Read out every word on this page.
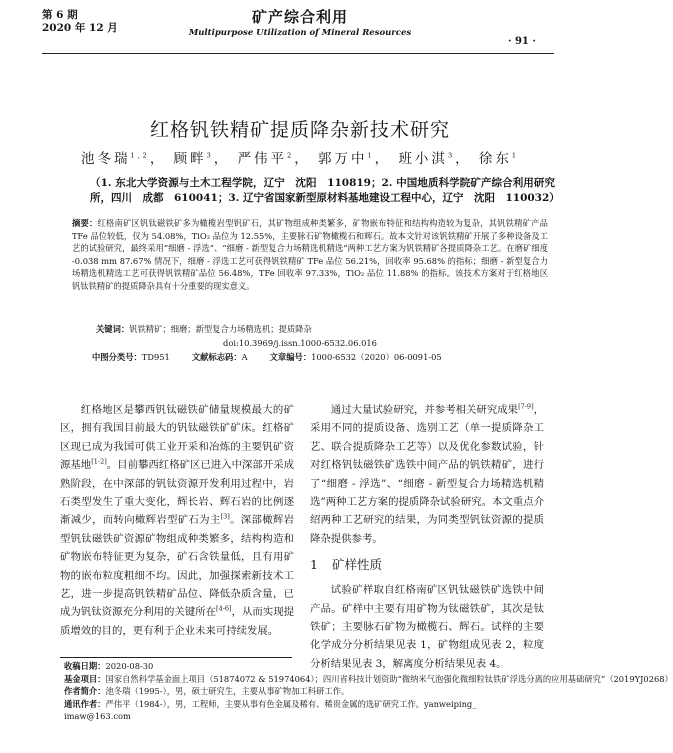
第 6 期
2020 年 12 月
矿产综合利用
Multipurpose Utilization of Mineral Resources
· 91 ·
红格钒铁精矿提质降杂新技术研究
池冬瑞$^{1,2}$， 顾畔$^3$， 严伟平$^2$， 郭万中$^1$， 班小淇$^3$， 徐东$^1$
（1. 东北大学资源与土木工程学院，辽宁　沈阳　110819；2. 中国地质科学院矿产综合利用研究所，四川　成都　610041；3. 辽宁省国家新型原材料基地建设工程中心，辽宁　沈阳　110032）
摘要：红格南矿区钒钛磁铁矿多为橄榄岩型钒矿石，其矿物组成种类繁多，矿物嵌布特征和结构构造较为复杂，其钒铁精矿产品 TFe 品位较低，仅为 54.08%，TiO₂ 品位为 12.55%，主要脉石矿物橄榄石和辉石。故本文针对该钒铁精矿开展了多种设备及工艺的试验研究，最终采用“细磨 - 浮选”、“细磨 - 新型复合力场精选机精选”两种工艺方案为钒铁精矿各提质降杂工艺。在磨矿细度 -0.038 mm 87.67% 情况下，细磨 - 浮选工艺可获得钒铁精矿 TFe 品位 56.21%，回收率 95.68% 的指标；细磨 - 新型复合力场精选机精选工艺可获得钒铁精矿品位 56.48%，TFe 回收率 97.33%，TiO₂ 品位 11.88% 的指标。该技术方案对于红格地区钒钛铁精矿的提质降杂具有十分重要的现实意义。
关键词：钒铁精矿；细磨；新型复合力场精选机；提质降杂
doi:10.3969/j.issn.1000-6532.06.016
中图分类号：TD951	文献标志码：A	文章编号：1000-6532（2020）06-0091-05

红格地区是攀西钒钛磁铁矿储量规模最大的矿区，拥有我国目前最大的钒钛磁铁矿矿床。红格矿区现已成为我国可供工业开采和冶炼的主要钒矿资源基地[1-2]。目前攀西红格矿区已进入中深部开采成熟阶段，在中深部的钒钛资源开发利用过程中，岩石类型发生了重大变化，辉长岩、辉石岩的比例逐渐减少，而转向橄辉岩型矿石为主[3]。深部橄辉岩型钒钛磁铁矿资源矿物组成种类繁多，结构构造和矿物嵌布特征更为复杂，矿石含铁量低，且有用矿物的嵌布粒度粗细不均。因此，加强探索新技术工艺，进一步提高钒铁精矿品位、降低杂质含量，已成为钒钛资源充分利用的关键所在[4-6]，从而实现提质增效的目的，更有利于企业未来可持续发展。

通过大量试验研究，并参考相关研究成果[7-9]，采用不同的提质设备、选别工艺（单一提质降杂工艺、联合提质降杂工艺等）以及优化参数试验，针对红格钒钛磁铁矿选铁中间产品的钒铁精矿，进行了“细磨 - 浮选”、“细磨 - 新型复合力场精选机精选”两种工艺方案的提质降杂试验研究。本文重点介绍两种工艺研究的结果，为同类型钒钛资源的提质降杂提供参考。

1 矿样性质

试验矿样取自红格南矿区钒钛磁铁矿选铁中间产品。矿样中主要有用矿物为钛磁铁矿，其次是钛铁矿；主要脉石矿物为橄榄石、辉石。试样的主要化学成分分析结果见表 1，矿物组成见表 2，粒度分析结果见表 3，解离度分析结果见表 4。

收稿日期：2020-08-30
基金项目：国家自然科学基金面上项目（51874072 & 51974064）；四川省科技计划资助“微纳米气泡强化微细粒钛铁矿浮选分离的应用基础研究”（2019YJ0268）
作者简介：池冬瑞（1995-），男，硕士研究生，主要从事矿物加工科研工作。
通讯作者：严伟平（1984-），男，工程师，主要从事有色金属及稀有、稀贵金属的选矿研究工作。yanweiping_
imaw@163.com
